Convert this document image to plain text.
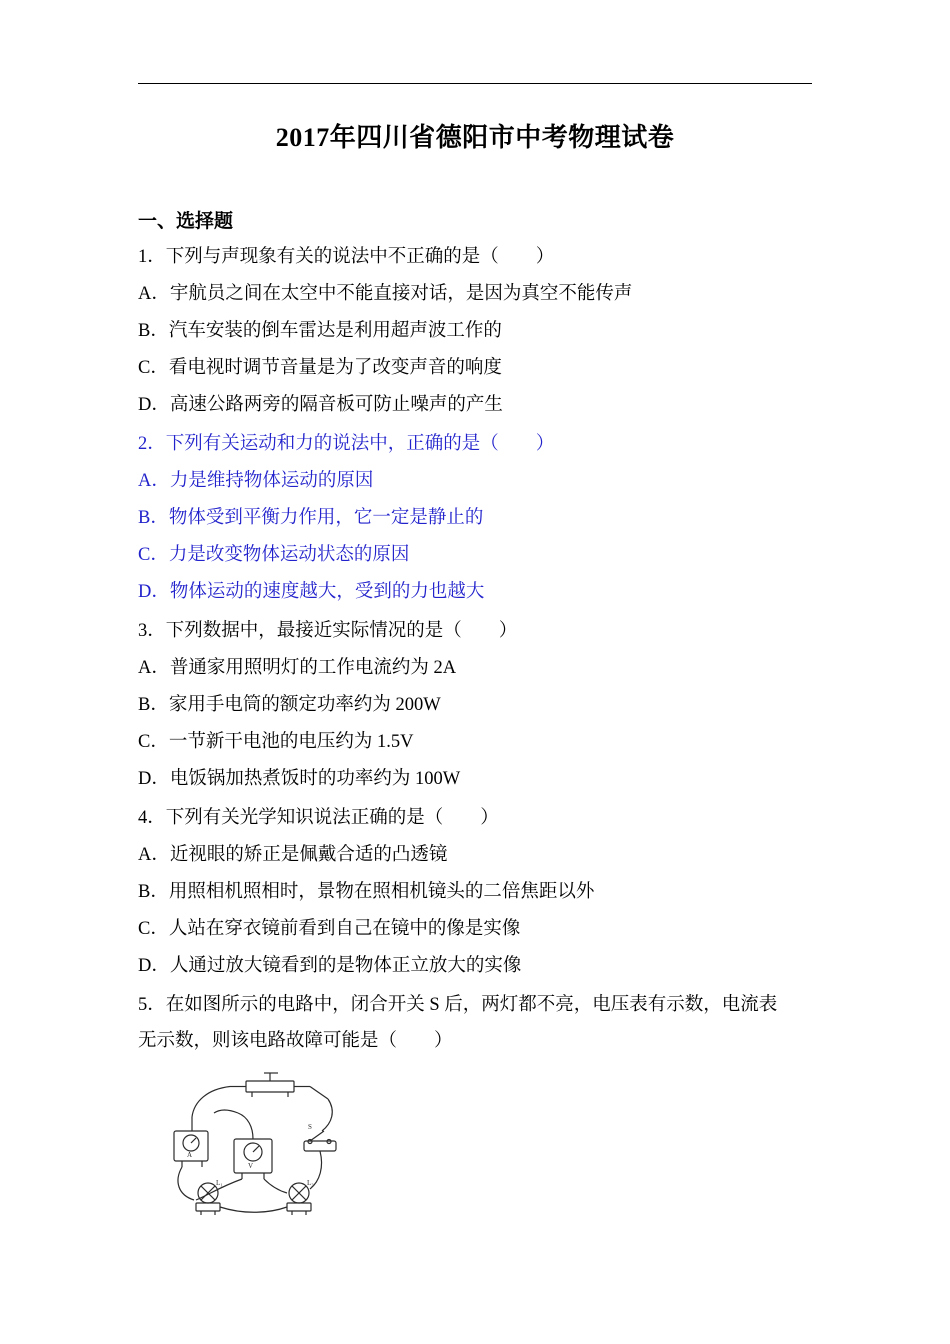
2017年四川省德阳市中考物理试卷
一、选择题

1．下列与声现象有关的说法中不正确的是（        ）

A．宇航员之间在太空中不能直接对话，是因为真空不能传声

B．汽车安装的倒车雷达是利用超声波工作的

C．看电视时调节音量是为了改变声音的响度

D．高速公路两旁的隔音板可防止噪声的产生

2．下列有关运动和力的说法中，正确的是（        ）

A．力是维持物体运动的原因

B．物体受到平衡力作用，它一定是静止的

C．力是改变物体运动状态的原因

D．物体运动的速度越大，受到的力也越大

3．下列数据中，最接近实际情况的是（        ）

A．普通家用照明灯的工作电流约为 2A

B．家用手电筒的额定功率约为 200W

C．一节新干电池的电压约为 1.5V

D．电饭锅加热煮饭时的功率约为 100W

4．下列有关光学知识说法正确的是（        ）

A．近视眼的矫正是佩戴合适的凸透镜

B．用照相机照相时，景物在照相机镜头的二倍焦距以外

C．人站在穿衣镜前看到自己在镜中的像是实像

D．人通过放大镜看到的是物体正立放大的实像

5．在如图所示的电路中，闭合开关 S 后，两灯都不亮，电压表有示数，电流表

无示数，则该电路故障可能是（        ）

A
V
S
L₁	L₂
